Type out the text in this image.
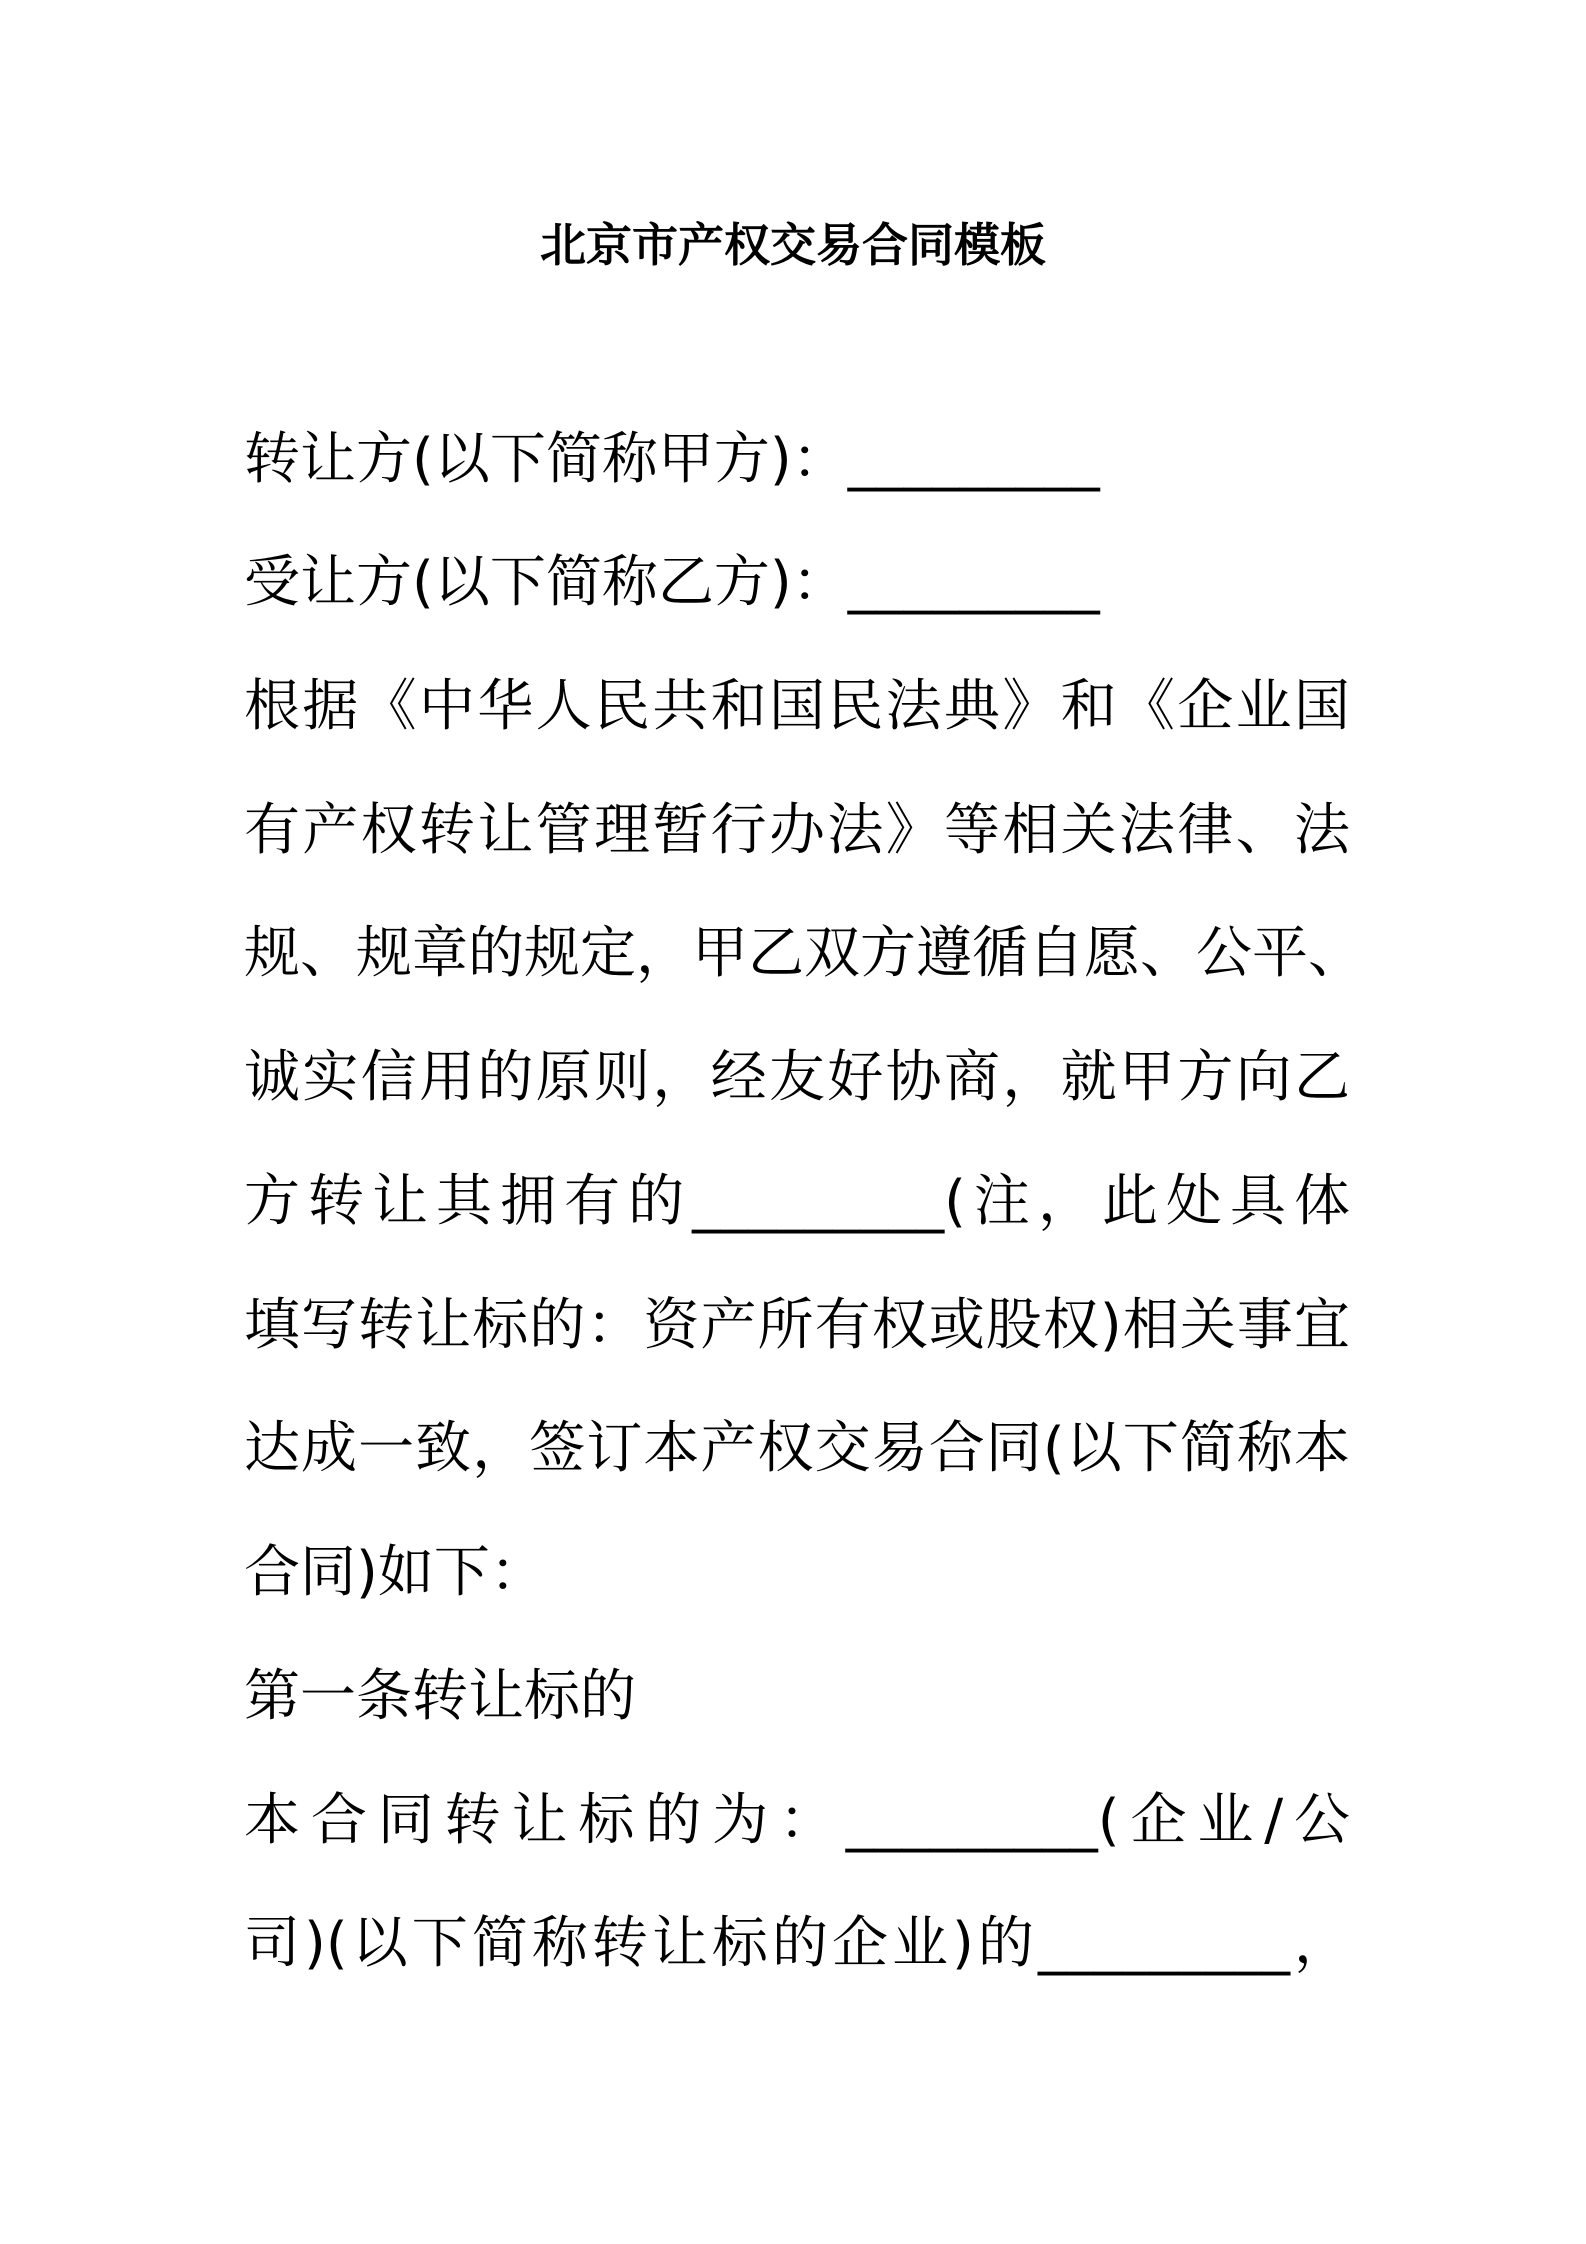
北京市产权交易合同模板
转让方(以下简称甲方)：_________
受让方(以下简称乙方)：_________
根据《中华人民共和国民法典》和《企业国
有产权转让管理暂行办法》等相关法律、法
规、规章的规定，甲乙双方遵循自愿、公平、
诚实信用的原则，经友好协商，就甲方向乙
方转让其拥有的_________(注，此处具体
填写转让标的：资产所有权或股权)相关事宜
达成一致，签订本产权交易合同(以下简称本
合同)如下：
第一条转让标的
本合同转让标的为：_________(企业/公
司)(以下简称转让标的企业)的_________，
